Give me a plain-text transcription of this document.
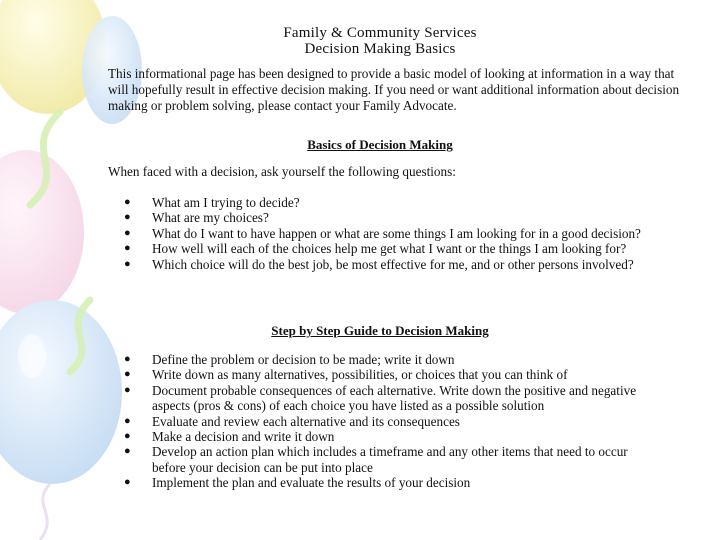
Family & Community Services
Decision Making Basics

This informational page has been designed to provide a basic model of looking at information in a way that will hopefully result in effective decision making. If you need or want additional information about decision making or problem solving, please contact your Family Advocate.

Basics of Decision Making
When faced with a decision, ask yourself the following questions:
● What am I trying to decide?
● What are my choices?
● What do I want to have happen or what are some things I am looking for in a good decision?
● How well will each of the choices help me get what I want or the things I am looking for?
● Which choice will do the best job, be most effective for me, and or other persons involved?
Step by Step Guide to Decision Making
● Define the problem or decision to be made; write it down
● Write down as many alternatives, possibilities, or choices that you can think of
● Document probable consequences of each alternative. Write down the positive and negative aspects (pros & cons) of each choice you have listed as a possible solution
● Evaluate and review each alternative and its consequences
● Make a decision and write it down
● Develop an action plan which includes a timeframe and any other items that need to occur before your decision can be put into place
● Implement the plan and evaluate the results of your decision
